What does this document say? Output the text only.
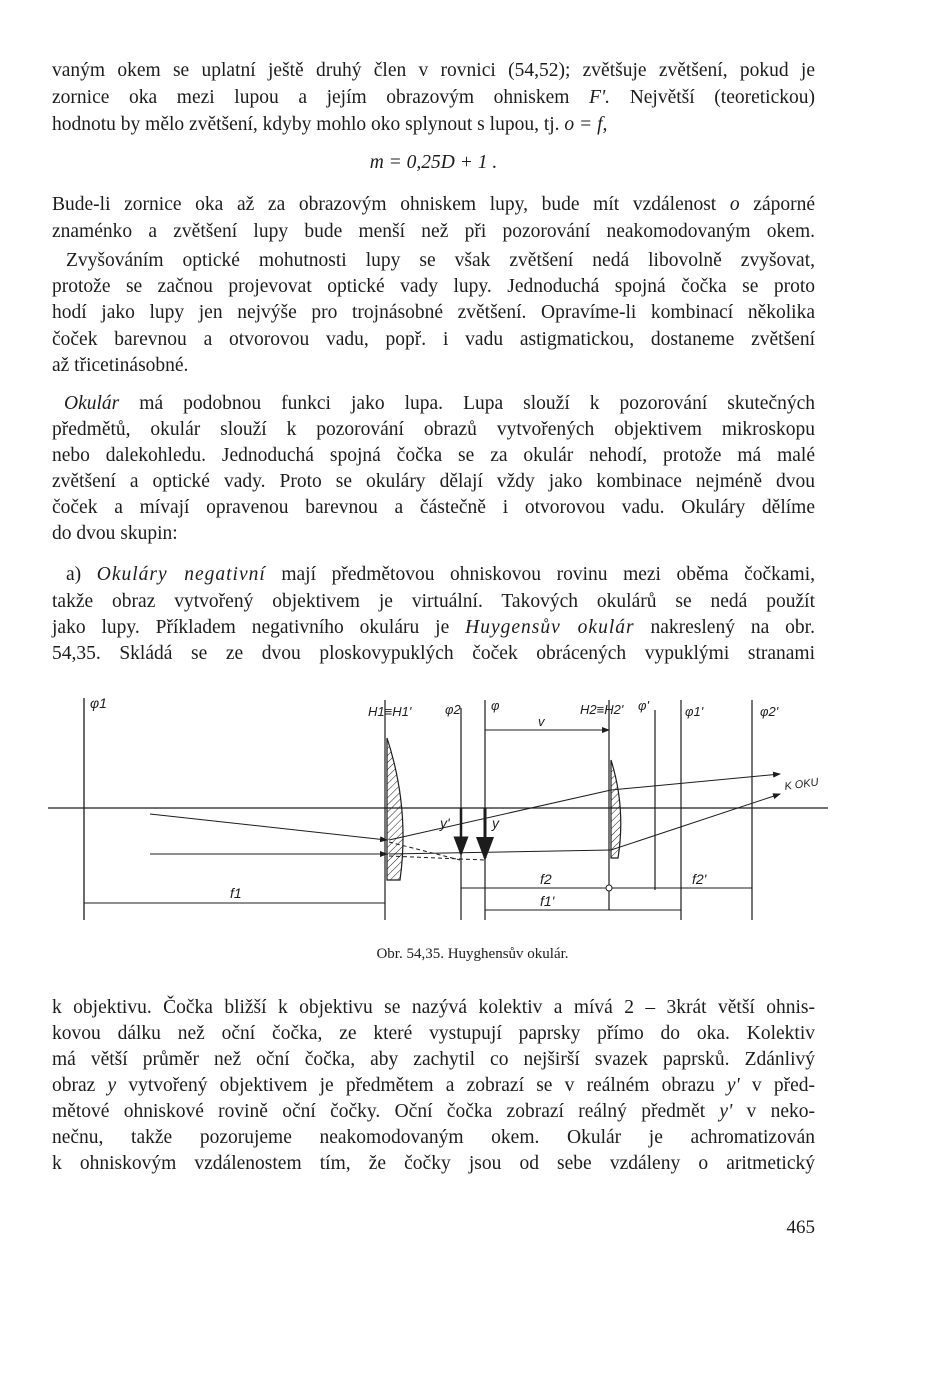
vaným okem se uplatní ještě druhý člen v rovnici (54,52); zvětšuje zvětšení, pokud je
zornice oka mezi lupou a jejím obrazovým ohniskem F'. Největší (teoretickou)
hodnotu by mělo zvětšení, kdyby mohlo oko splynout s lupou, tj. o = f,
m = 0,25D + 1 .
Bude-li zornice oka až za obrazovým ohniskem lupy, bude mít vzdálenost o záporné
znaménko a zvětšení lupy bude menší než při pozorování neakomodovaným okem.
Zvyšováním optické mohutnosti lupy se však zvětšení nedá libovolně zvyšovat,
protože se začnou projevovat optické vady lupy. Jednoduchá spojná čočka se proto
hodí jako lupy jen nejvýše pro trojnásobné zvětšení. Opravíme-li kombinací několika
čoček barevnou a otvorovou vadu, popř. i vadu astigmatickou, dostaneme zvětšení
až třicetinásobné.
Okulár má podobnou funkci jako lupa. Lupa slouží k pozorování skutečných
předmětů, okulár slouží k pozorování obrazů vytvořených objektivem mikroskopu
nebo dalekohledu. Jednoduchá spojná čočka se za okulár nehodí, protože má malé
zvětšení a optické vady. Proto se okuláry dělají vždy jako kombinace nejméně dvou
čoček a mívají opravenou barevnou a částečně i otvorovou vadu. Okuláry dělíme
do dvou skupin:
a) Okuláry negativní mají předmětovou ohniskovou rovinu mezi oběma čočkami,
takže obraz vytvořený objektivem je virtuální. Takových okulárů se nedá použít
jako lupy. Příkladem negativního okuláru je Huygensův okulár nakreslený na obr.
54,35. Skládá se ze dvou ploskovypuklých čoček obrácených vypuklými stranami
φ1
H1≡H1'	φ2 φ
v
H2≡H2' φ'	φ1'	φ2'
K OKU
y'	y
f1
f2	f2'
f1'
Obr. 54,35. Huyghensův okulár.
k objektivu. Čočka bližší k objektivu se nazývá kolektiv a mívá 2 – 3krát větší ohnis-
kovou dálku než oční čočka, ze které vystupují paprsky přímo do oka. Kolektiv
má větší průměr než oční čočka, aby zachytil co nejširší svazek paprsků. Zdánlivý
obraz y vytvořený objektivem je předmětem a zobrazí se v reálném obrazu y' v před-
mětové ohniskové rovině oční čočky. Oční čočka zobrazí reálný předmět y' v neko-
nečnu, takže pozorujeme neakomodovaným okem. Okulár je achromatizován
k ohniskovým vzdálenostem tím, že čočky jsou od sebe vzdáleny o aritmetický
465
